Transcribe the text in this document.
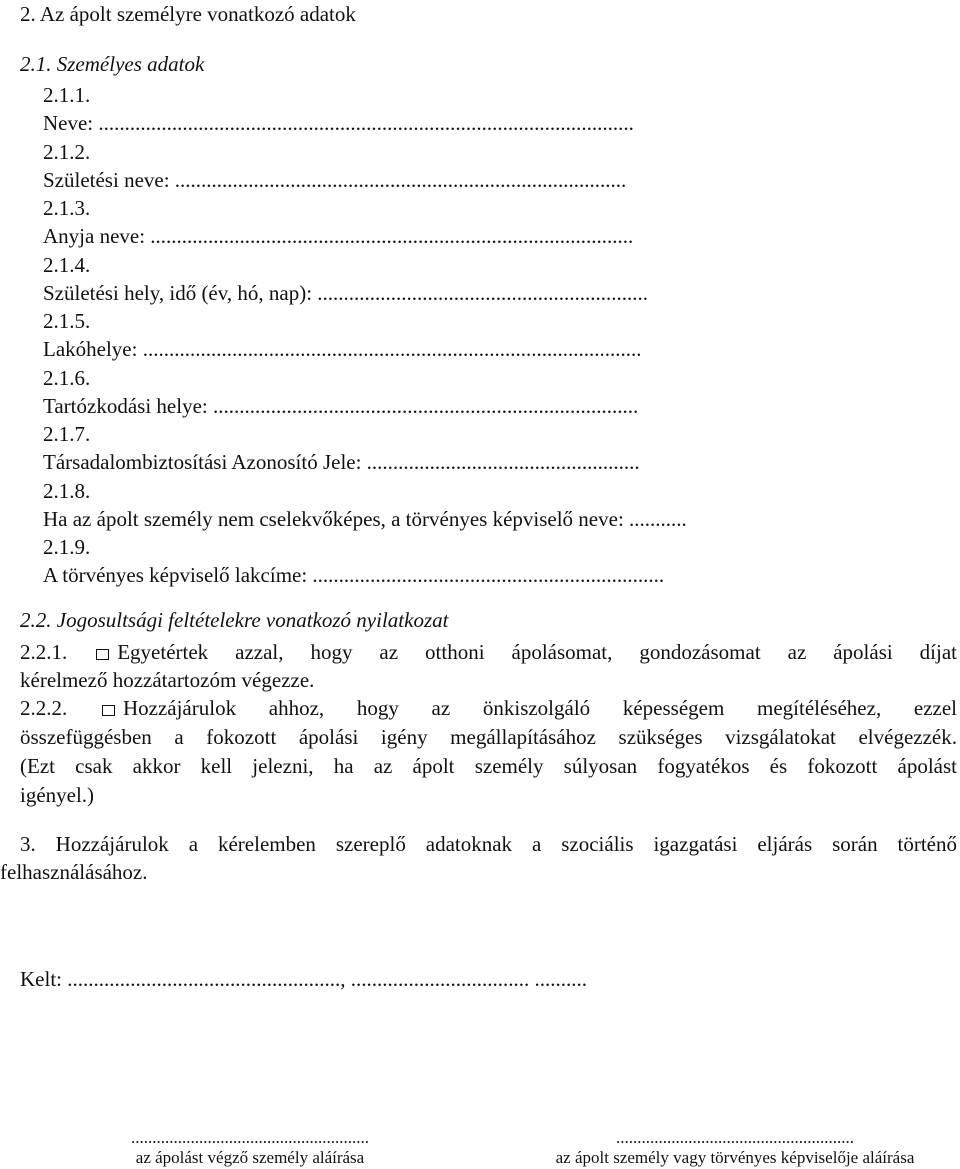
2. Az ápolt személyre vonatkozó adatok
2.1. Személyes adatok
2.1.1.
Neve: ......................................................................................................
2.1.2.
Születési neve: ......................................................................................
2.1.3.
Anyja neve: ............................................................................................
2.1.4.
Születési hely, idő (év, hó, nap): ...............................................................
2.1.5.
Lakóhelye: ...............................................................................................
2.1.6.
Tartózkodási helye: .................................................................................
2.1.7.
Társadalombiztosítási Azonosító Jele: ....................................................
2.1.8.
Ha az ápolt személy nem cselekvőképes, a törvényes képviselő neve: ...........
2.1.9.
A törvényes képviselő lakcíme: ...................................................................
2.2. Jogosultsági feltételekre vonatkozó nyilatkozat
2.2.1. Egyetértek azzal, hogy az otthoni ápolásomat, gondozásomat az ápolási díjat
kérelmező hozzátartozóm végezze.
2.2.2.	Hozzájárulok ahhoz, hogy az önkiszolgáló képességem megítéléséhez, ezzel
összefüggésben a fokozott ápolási igény megállapításához szükséges vizsgálatokat elvégezzék.
(Ezt csak akkor kell jelezni, ha az ápolt személy súlyosan fogyatékos és fokozott ápolást
igényel.)
3. Hozzájárulok a kérelemben szereplő adatoknak a szociális igazgatási eljárás során történő
felhasználásához.
Kelt: ...................................................., .................................. ..........
........................................................
az ápolást végző személy aláírása
........................................................
az ápolt személy vagy törvényes képviselője aláírása
